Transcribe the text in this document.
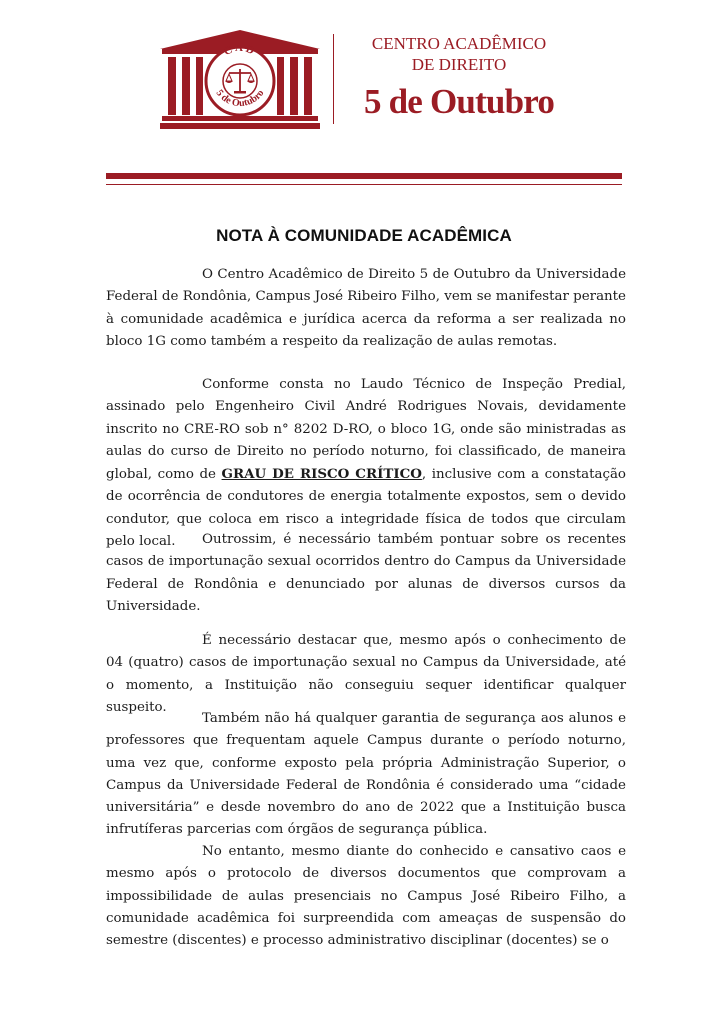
CAD
5 de Outubro
CENTRO ACADÊMICO
DE DIREITO
5 de Outubro
NOTA À COMUNIDADE ACADÊMICA

O Centro Acadêmico de Direito 5 de Outubro da Universidade Federal de Rondônia, Campus José Ribeiro Filho, vem se manifestar perante à comunidade acadêmica e jurídica acerca da reforma a ser realizada no bloco 1G como também a respeito da realização de aulas remotas.

Conforme consta no Laudo Técnico de Inspeção Predial, assinado pelo Engenheiro Civil André Rodrigues Novais, devidamente inscrito no CRE-RO sob n° 8202 D-RO, o bloco 1G, onde são ministradas as aulas do curso de Direito no período noturno, foi classificado, de maneira global, como de GRAU DE RISCO CRÍTICO, inclusive com a constatação de ocorrência de condutores de energia totalmente expostos, sem o devido condutor, que coloca em risco a integridade física de todos que circulam pelo local.	Outrossim, é necessário também pontuar sobre os recentes casos de importunação sexual ocorridos dentro do Campus da Universidade Federal de Rondônia e denunciado por alunas de diversos cursos da Universidade.

É necessário destacar que, mesmo após o conhecimento de 04 (quatro) casos de importunação sexual no Campus da Universidade, até o momento, a Instituição não conseguiu sequer identificar qualquer suspeito.

Também não há qualquer garantia de segurança aos alunos e professores que frequentam aquele Campus durante o período noturno, uma vez que, conforme exposto pela própria Administração Superior, o Campus da Universidade Federal de Rondônia é considerado uma “cidade universitária” e desde novembro do ano de 2022 que a Instituição busca infrutíferas parcerias com órgãos de segurança pública.

No entanto, mesmo diante do conhecido e cansativo caos e mesmo após o protocolo de diversos documentos que comprovam a impossibilidade de aulas presenciais no Campus José Ribeiro Filho, a comunidade acadêmica foi surpreendida com ameaças de suspensão do semestre (discentes) e processo administrativo disciplinar (docentes) se o
